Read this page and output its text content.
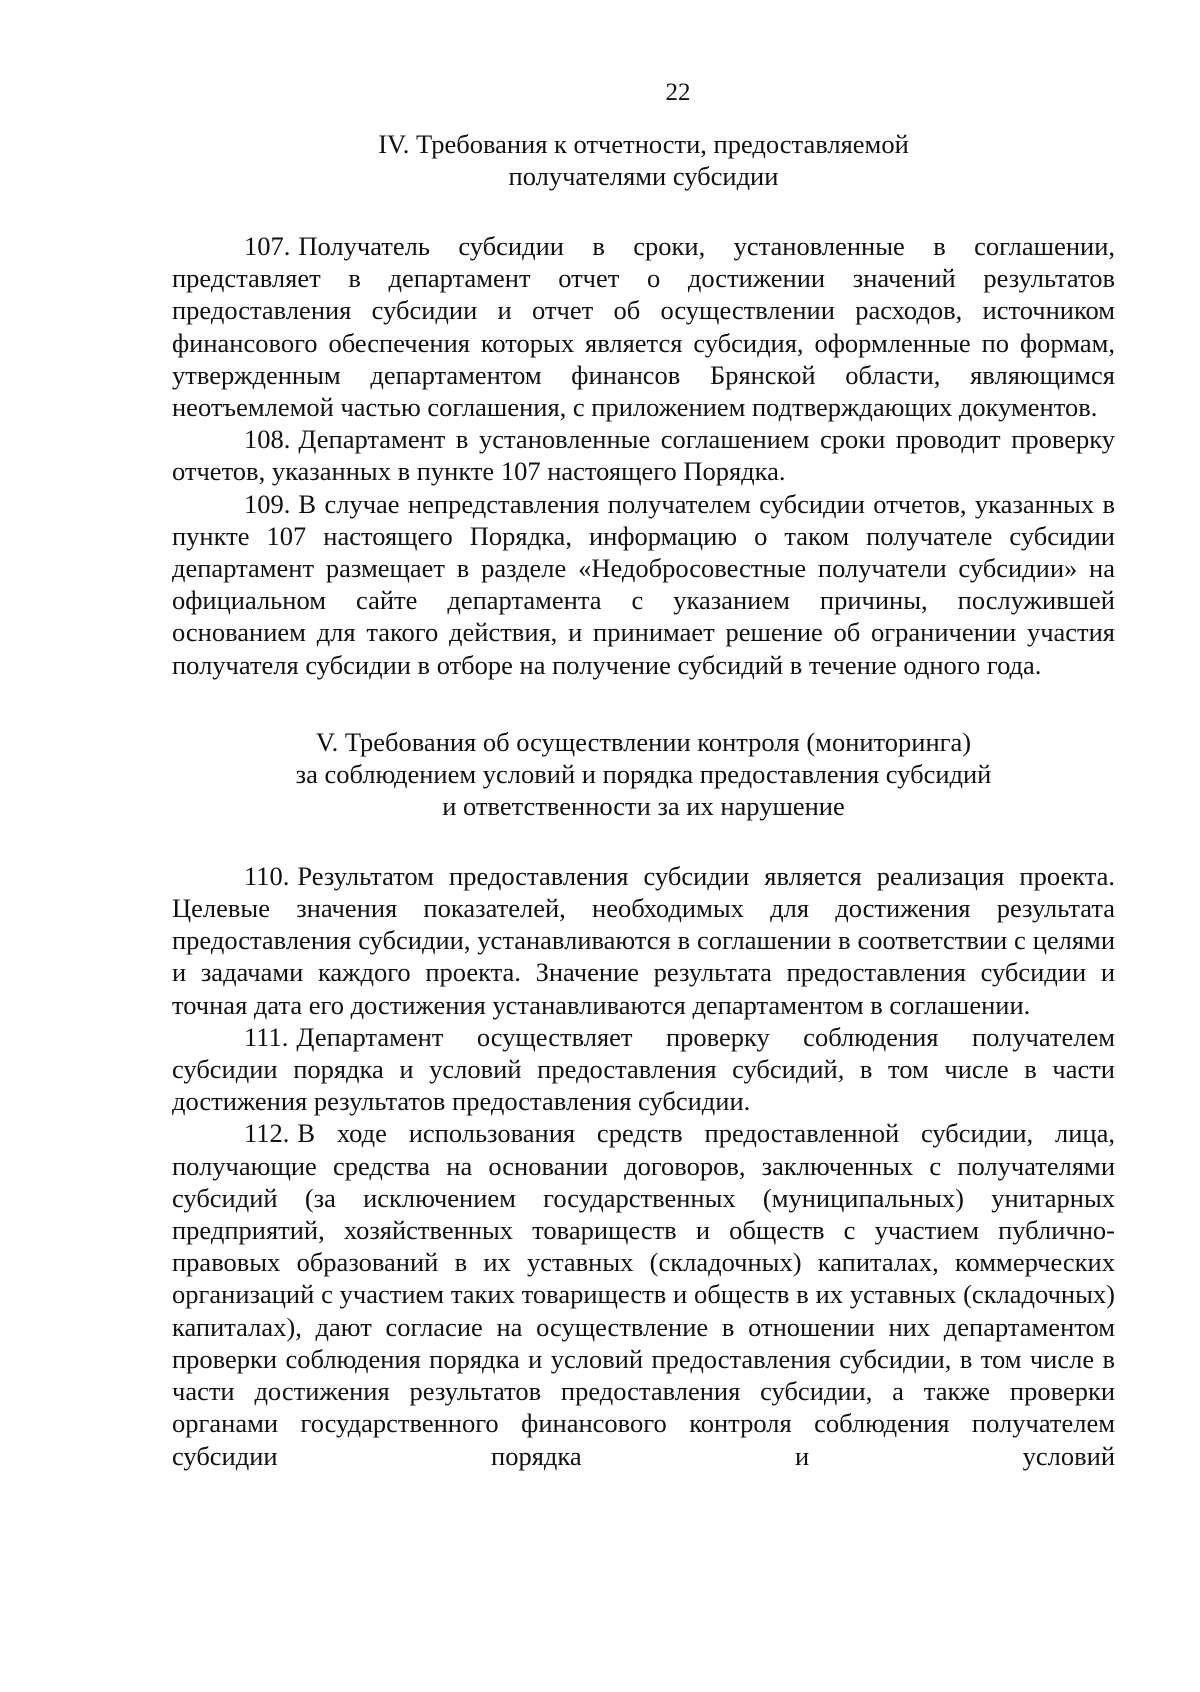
22
IV. Требования к отчетности, предоставляемой
получателями субсидии

107. Получатель субсидии в сроки, установленные в соглашении, представляет в департамент отчет о достижении значений результатов предоставления субсидии и отчет об осуществлении расходов, источником финансового обеспечения которых является субсидия, оформленные по формам, утвержденным департаментом финансов Брянской области, являющимся неотъемлемой частью соглашения, с приложением подтверждающих документов.

108. Департамент в установленные соглашением сроки проводит проверку отчетов, указанных в пункте 107 настоящего Порядка.

109. В случае непредставления получателем субсидии отчетов, указанных в пункте 107 настоящего Порядка, информацию о таком получателе субсидии департамент размещает в разделе «Недобросовестные получатели субсидии» на официальном сайте департамента с указанием причины, послужившей основанием для такого действия, и принимает решение об ограничении участия получателя субсидии в отборе на получение субсидий в течение одного года.

V. Требования об осуществлении контроля (мониторинга)
за соблюдением условий и порядка предоставления субсидий
и ответственности за их нарушение

110. Результатом предоставления субсидии является реализация проекта. Целевые значения показателей, необходимых для достижения результата предоставления субсидии, устанавливаются в соглашении в соответствии с целями и задачами каждого проекта. Значение результата предоставления субсидии и точная дата его достижения устанавливаются департаментом в соглашении.

111. Департамент осуществляет проверку соблюдения получателем субсидии порядка и условий предоставления субсидий, в том числе в части достижения результатов предоставления субсидии.

112. В ходе использования средств предоставленной субсидии, лица, получающие средства на основании договоров, заключенных с получателями субсидий (за исключением государственных (муниципальных) унитарных предприятий, хозяйственных товариществ и обществ с участием публично-правовых образований в их уставных (складочных) капиталах, коммерческих организаций с участием таких товариществ и обществ в их уставных (складочных) капиталах), дают согласие на осуществление в отношении них департаментом проверки соблюдения порядка и условий предоставления субсидии, в том числе в части достижения результатов предоставления субсидии, а также проверки органами государственного финансового контроля соблюдения получателем субсидии порядка и условий
